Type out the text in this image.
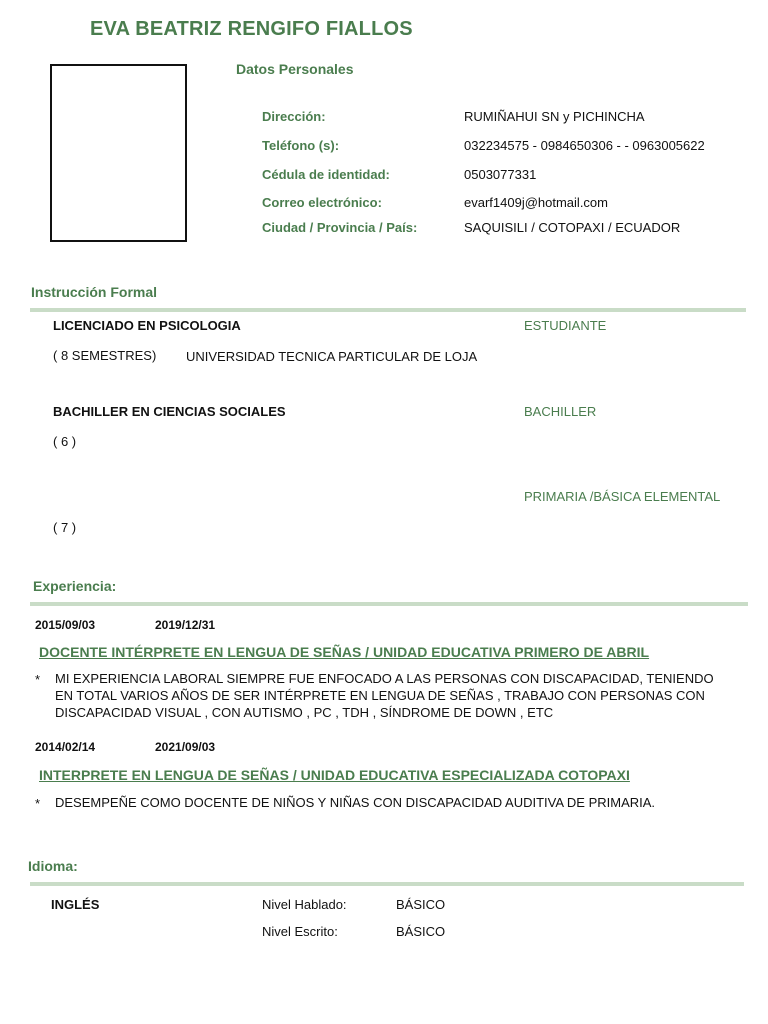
EVA BEATRIZ RENGIFO FIALLOS
Datos Personales
Dirección:	RUMIÑAHUI SN y PICHINCHA
Teléfono (s):	032234575 - 0984650306 - - 0963005622
Cédula de identidad:	0503077331
Correo electrónico:	evarf1409j@hotmail.com
Ciudad / Provincia / País:	SAQUISILI / COTOPAXI / ECUADOR
Instrucción Formal
LICENCIADO EN PSICOLOGIA	ESTUDIANTE
( 8 SEMESTRES) UNIVERSIDAD TECNICA PARTICULAR DE LOJA
BACHILLER EN CIENCIAS SOCIALES	BACHILLER
( 6 )
PRIMARIA /BÁSICA ELEMENTAL
( 7 )
Experiencia:
2015/09/03	2019/12/31
DOCENTE INTÉRPRETE EN LENGUA DE SEÑAS / UNIDAD EDUCATIVA PRIMERO DE ABRIL
* MI EXPERIENCIA LABORAL SIEMPRE FUE ENFOCADO A LAS PERSONAS CON DISCAPACIDAD, TENIENDO EN TOTAL VARIOS AÑOS DE SER INTÉRPRETE EN LENGUA DE SEÑAS , TRABAJO CON PERSONAS CON DISCAPACIDAD VISUAL , CON AUTISMO , PC , TDH , SÍNDROME DE DOWN , ETC
2014/02/14	2021/09/03
INTERPRETE EN LENGUA DE SEÑAS / UNIDAD EDUCATIVA ESPECIALIZADA COTOPAXI
* DESEMPEÑE COMO DOCENTE DE NIÑOS Y NIÑAS CON DISCAPACIDAD AUDITIVA DE PRIMARIA.
Idioma:
INGLÉS	Nivel Hablado:	BÁSICO
Nivel Escrito:	BÁSICO
